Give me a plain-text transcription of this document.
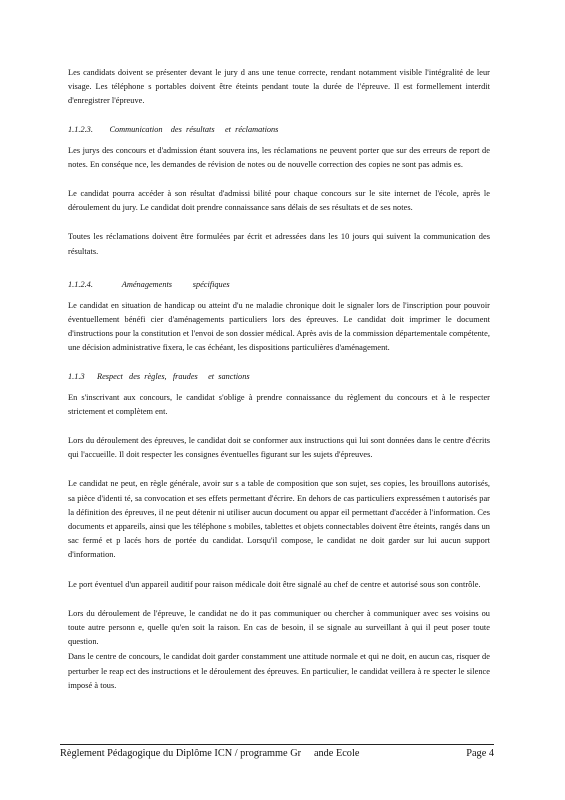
Les candidats doivent se présenter devant le jury d ans une tenue correcte, rendant notamment visible l'intégralité de leur visage. Les téléphone s portables doivent être éteints pendant toute la durée de l'épreuve. Il est formellement interdit d'enregistrer l'épreuve.

1.1.2.3.        Communication    des  résultats     et  réclamations

Les jurys des concours et d'admission étant souvera ins, les réclamations ne peuvent porter que sur des erreurs de report de notes. En conséque nce, les demandes de révision de notes ou de nouvelle correction des copies ne sont pas admis es.

Le candidat pourra accéder à son résultat d'admissi bilité pour chaque concours sur le site internet de l'école, après le déroulement du jury. Le candidat doit prendre connaissance sans délais de ses résultats et de ses notes.

Toutes les réclamations doivent être formulées par écrit et adressées dans les 10 jours qui suivent la communication des résultats.

1.1.2.4.              Aménagements          spécifiques

Le candidat en situation de handicap ou atteint d'u ne maladie chronique doit le signaler lors de l'inscription pour pouvoir éventuellement bénéfi cier d'aménagements particuliers lors des épreuves. Le candidat doit imprimer le document d'instructions pour la constitution et l'envoi de son dossier médical. Après avis de la commission départementale compétente, une décision administrative fixera, le cas échéant, les dispositions particulières d'aménagement.

1.1.3      Respect   des  règles,   fraudes     et  sanctions

En s'inscrivant aux concours, le candidat s'oblige à prendre connaissance du règlement du concours et à le respecter strictement et complètem ent.

Lors du déroulement des épreuves, le candidat doit se conformer aux instructions qui lui sont données dans le centre d'écrits qui l'accueille. Il doit respecter les consignes éventuelles figurant sur les sujets d'épreuves.

Le candidat ne peut, en règle générale, avoir sur s a table de composition que son sujet, ses copies, les brouillons autorisés, sa pièce d'identi té, sa convocation et ses effets permettant d'écrire. En dehors de cas particuliers expressémen t autorisés par la définition des épreuves, il ne peut détenir ni utiliser aucun document ou appar eil permettant d'accéder à l'information. Ces documents et appareils, ainsi que les téléphone s mobiles, tablettes et objets connectables doivent être éteints, rangés dans un sac fermé et p lacés hors de portée du candidat. Lorsqu'il compose, le candidat ne doit garder sur lui aucun support d'information.

Le port éventuel d'un appareil auditif pour raison médicale doit être signalé au chef de centre et autorisé sous son contrôle.

Lors du déroulement de l'épreuve, le candidat ne do it pas communiquer ou chercher à communiquer avec ses voisins ou toute autre personn e, quelle qu'en soit la raison. En cas de besoin, il se signale au surveillant à qui il peut poser toute question.

Dans le centre de concours, le candidat doit garder constamment une attitude normale et qui ne doit, en aucun cas, risquer de perturber le reap ect des instructions et le déroulement des épreuves. En particulier, le candidat veillera à re specter le silence imposé à tous.

Règlement Pédagogique du Diplôme ICN / programme Gr     ande Ecole	Page 4
